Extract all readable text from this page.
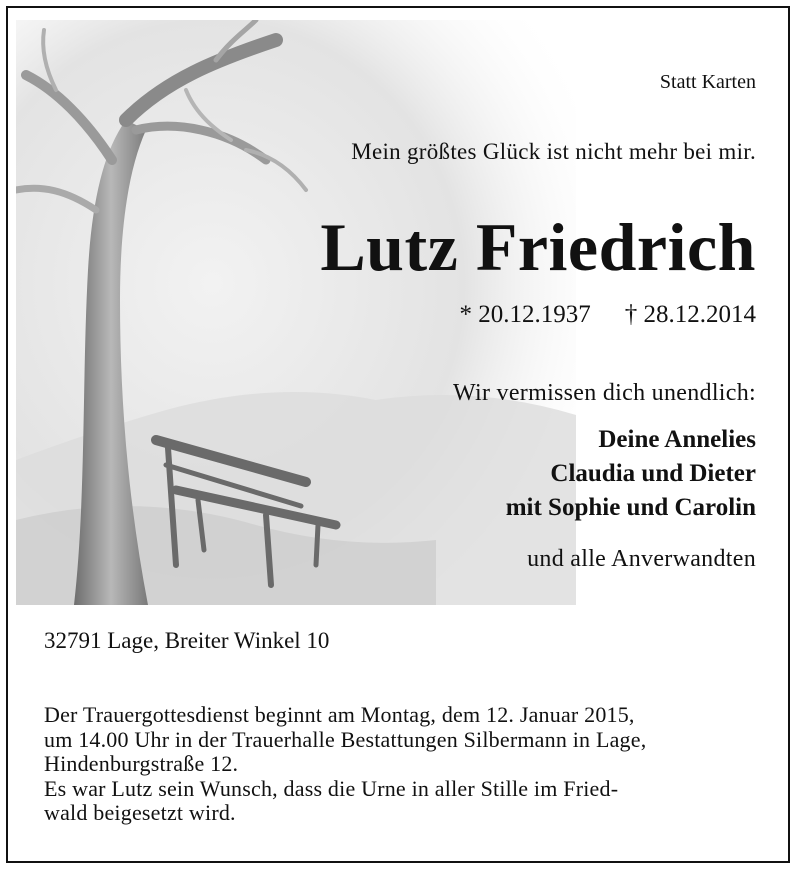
Statt Karten
Mein größtes Glück ist nicht mehr bei mir.
Lutz Friedrich
* 20.12.1937 † 28.12.2014
Wir vermissen dich unendlich:
Deine Annelies
Claudia und Dieter
mit Sophie und Carolin
und alle Anverwandten
32791 Lage, Breiter Winkel 10
Der Trauergottesdienst beginnt am Montag, dem 12. Januar 2015,
um 14.00 Uhr in der Trauerhalle Bestattungen Silbermann in Lage,
Hindenburgstraße 12.
Es war Lutz sein Wunsch, dass die Urne in aller Stille im Fried-
wald beigesetzt wird.
